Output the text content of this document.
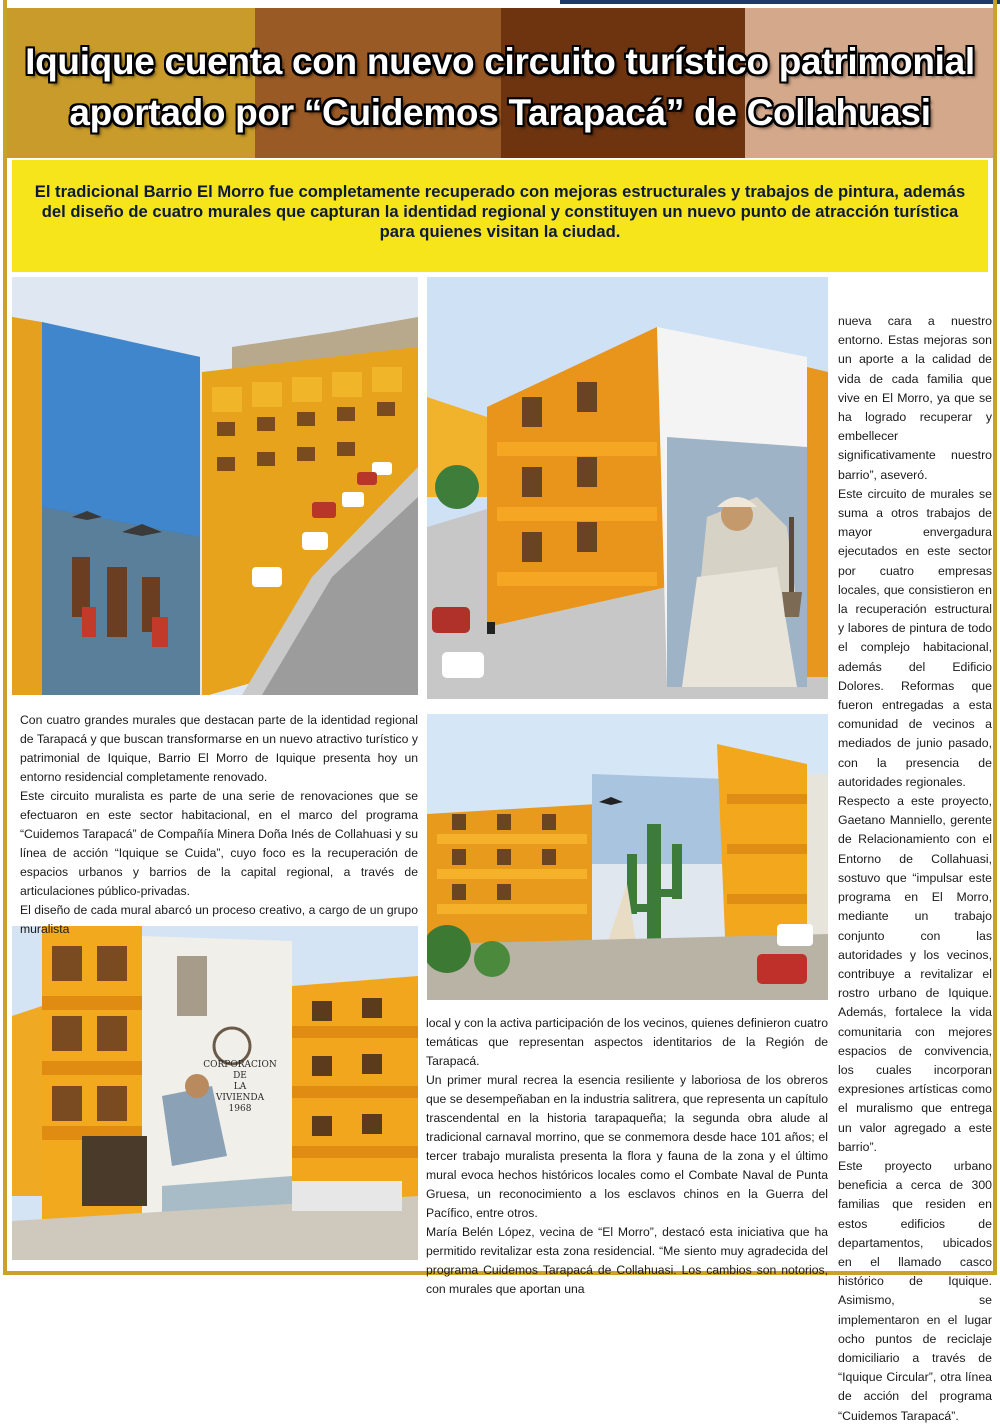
Iquique cuenta con nuevo circuito turístico patrimonial
aportado por “Cuidemos Tarapacá” de Collahuasi
El tradicional Barrio El Morro fue completamente recuperado con mejoras estructurales y trabajos de pintura, además del diseño de cuatro murales que capturan la identidad regional y constituyen un nuevo punto de atracción turística para quienes visitan la ciudad.
CORPORACION
DE
LA
VIVIENDA
1968

Con cuatro grandes murales que destacan parte de la identidad regional de Tarapacá y que buscan transformarse en un nuevo atractivo turístico y patrimonial de Iquique, Barrio El Morro de Iquique presenta hoy un entorno residencial completamente renovado.

Este circuito muralista es parte de una serie de renovaciones que se efectuaron en este sector habitacional, en el marco del programa “Cuidemos Tarapacá” de Compañía Minera Doña Inés de Collahuasi y su línea de acción “Iquique se Cuida”, cuyo foco es la recuperación de espacios urbanos y barrios de la capital regional, a través de articulaciones público-privadas.

El diseño de cada mural abarcó un proceso creativo, a cargo de un grupo muralista

local y con la activa participación de los vecinos, quienes definieron cuatro temáticas que representan aspectos identitarios de la Región de Tarapacá.

Un primer mural recrea la esencia resiliente y laboriosa de los obreros que se desempeñaban en la industria salitrera, que representa un capítulo trascendental en la historia tarapaqueña; la segunda obra alude al tradicional carnaval morrino, que se conmemora desde hace 101 años; el tercer trabajo muralista presenta la flora y fauna de la zona y el último mural evoca hechos históricos locales como el Combate Naval de Punta Gruesa, un reconocimiento a los esclavos chinos en la Guerra del Pacífico, entre otros.

María Belén López, vecina de “El Morro”, destacó esta iniciativa que ha permitido revitalizar esta zona residencial. “Me siento muy agradecida del programa Cuidemos Tarapacá de Collahuasi. Los cambios son notorios, con murales que aportan una

nueva cara a nuestro entorno. Estas mejoras son un aporte a la calidad de vida de cada familia que vive en El Morro, ya que se ha logrado recuperar y embellecer significativamente nuestro barrio”, aseveró.

Este circuito de murales se suma a otros trabajos de mayor envergadura ejecutados en este sector por cuatro empresas locales, que consistieron en la recuperación estructural y labores de pintura de todo el complejo habitacional, además del Edificio Dolores. Reformas que fueron entregadas a esta comunidad de vecinos a mediados de junio pasado, con la presencia de autoridades regionales.

Respecto a este proyecto, Gaetano Manniello, gerente de Relacionamiento con el Entorno de Collahuasi, sostuvo que “impulsar este programa en El Morro, mediante un trabajo conjunto con las autoridades y los vecinos, contribuye a revitalizar el rostro urbano de Iquique. Además, fortalece la vida comunitaria con mejores espacios de convivencia, los cuales incorporan expresiones artísticas como el muralismo que entrega un valor agregado a este barrio”.

Este proyecto urbano beneficia a cerca de 300 familias que residen en estos edificios de departamentos, ubicados en el llamado casco histórico de Iquique. Asimismo, se implementaron en el lugar ocho puntos de reciclaje domiciliario a través de “Iquique Circular”, otra línea de acción del programa “Cuidemos Tarapacá”.
